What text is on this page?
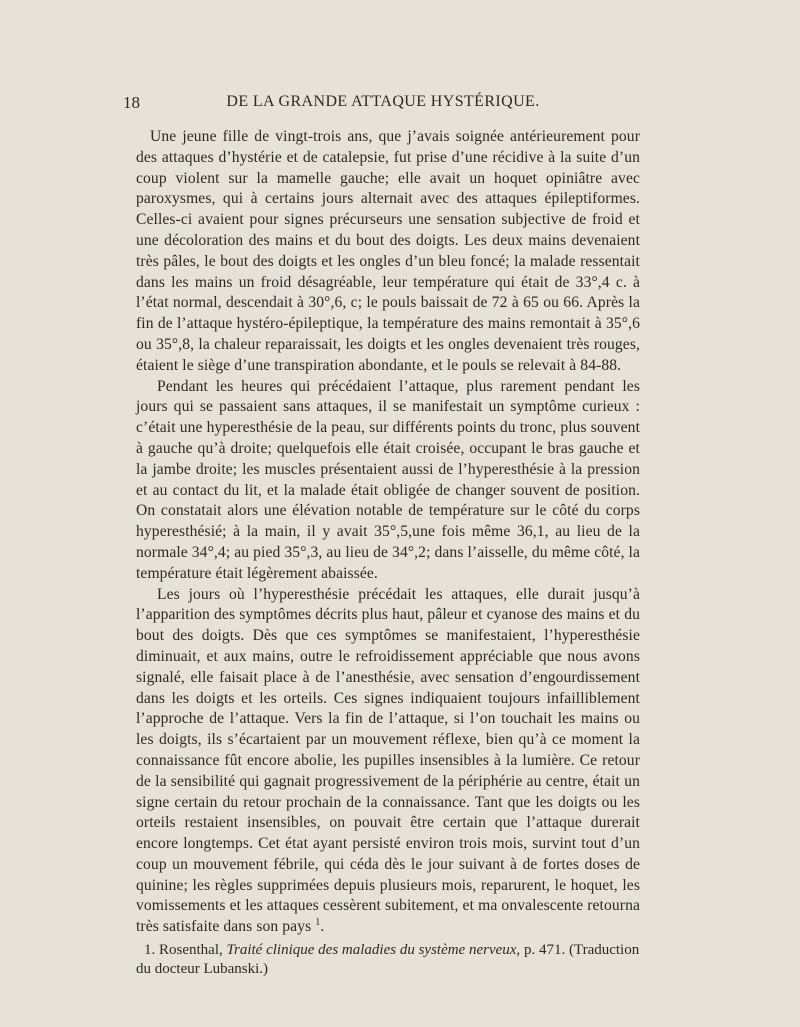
18	DE LA GRANDE ATTAQUE HYSTÉRIQUE.

Une jeune fille de vingt-trois ans, que j’avais soignée antérieurement pour des attaques d’hystérie et de catalepsie, fut prise d’une récidive à la suite d’un coup violent sur la mamelle gauche; elle avait un hoquet opiniâtre avec paroxysmes, qui à certains jours alternait avec des attaques épileptiformes. Celles-ci avaient pour signes précurseurs une sensation subjective de froid et une décoloration des mains et du bout des doigts. Les deux mains devenaient très pâles, le bout des doigts et les ongles d’un bleu foncé; la malade ressentait dans les mains un froid désagréable, leur température qui était de 33°,4 c. à l’état normal, descendait à 30°,6, c; le pouls baissait de 72 à 65 ou 66. Après la fin de l’attaque hystéro-épileptique, la température des mains remontait à 35°,6 ou 35°,8, la chaleur reparaissait, les doigts et les ongles devenaient très rouges, étaient le siège d’une transpiration abondante, et le pouls se relevait à 84-88.

Pendant les heures qui précédaient l’attaque, plus rarement pendant les jours qui se passaient sans attaques, il se manifestait un symptôme curieux : c’était une hyperesthésie de la peau, sur différents points du tronc, plus souvent à gauche qu’à droite; quelquefois elle était croisée, occupant le bras gauche et la jambe droite; les muscles présentaient aussi de l’hyperesthésie à la pression et au contact du lit, et la malade était obligée de changer souvent de position. On constatait alors une élévation notable de température sur le côté du corps hyperesthésié; à la main, il y avait 35°,5,une fois même 36,1, au lieu de la normale 34°,4; au pied 35°,3, au lieu de 34°,2; dans l’aisselle, du même côté, la température était légèrement abaissée.

Les jours où l’hyperesthésie précédait les attaques, elle durait jusqu’à l’apparition des symptômes décrits plus haut, pâleur et cyanose des mains et du bout des doigts. Dès que ces symptômes se manifestaient, l’hyperesthésie diminuait, et aux mains, outre le refroidissement appréciable que nous avons signalé, elle faisait place à de l’anesthésie, avec sensation d’engourdissement dans les doigts et les orteils. Ces signes indiquaient toujours infailliblement l’approche de l’attaque. Vers la fin de l’attaque, si l’on touchait les mains ou les doigts, ils s’écartaient par un mouvement réflexe, bien qu’à ce moment la connaissance fût encore abolie, les pupilles insensibles à la lumière. Ce retour de la sensibilité qui gagnait progressivement de la périphérie au centre, était un signe certain du retour prochain de la connaissance. Tant que les doigts ou les orteils restaient insensibles, on pouvait être certain que l’attaque durerait encore longtemps. Cet état ayant persisté environ trois mois, survint tout d’un coup un mouvement fébrile, qui céda dès le jour suivant à de fortes doses de quinine; les règles supprimées depuis plusieurs mois, reparurent, le hoquet, les vomissements et les attaques cessèrent subitement, et ma onvalescente retourna très satisfaite dans son pays $^1$.

1. Rosenthal, Traité clinique des maladies du système nerveux, p. 471. (Traduction du docteur Lubanski.)
